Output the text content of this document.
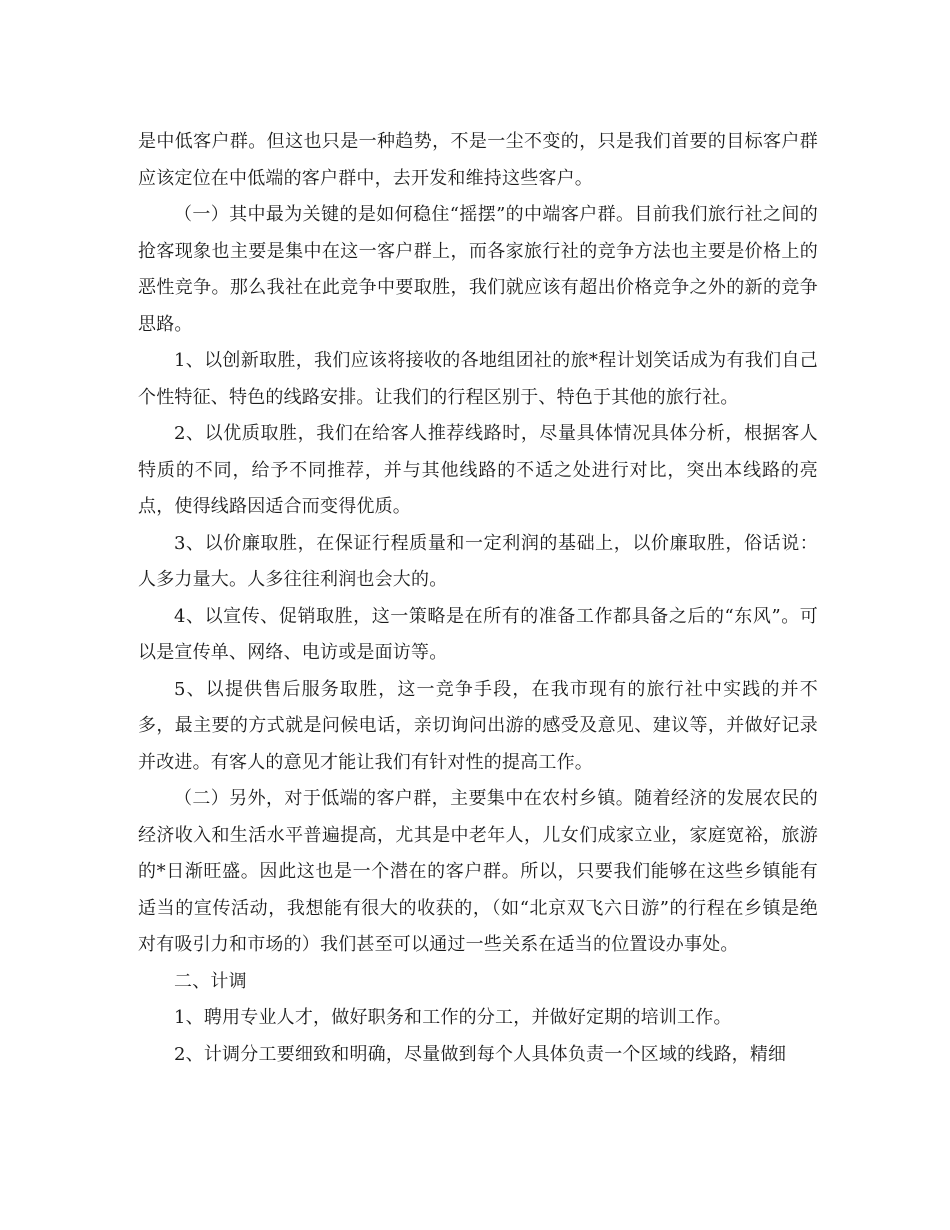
是中低客户群。但这也只是一种趋势，不是一尘不变的，只是我们首要的目标客户群应该定位在中低端的客户群中，去开发和维持这些客户。

（一）其中最为关键的是如何稳住“摇摆”的中端客户群。目前我们旅行社之间的抢客现象也主要是集中在这一客户群上，而各家旅行社的竞争方法也主要是价格上的恶性竞争。那么我社在此竞争中要取胜，我们就应该有超出价格竞争之外的新的竞争思路。

1、以创新取胜，我们应该将接收的各地组团社的旅*程计划笑话成为有我们自己个性特征、特色的线路安排。让我们的行程区别于、特色于其他的旅行社。

2、以优质取胜，我们在给客人推荐线路时，尽量具体情况具体分析，根据客人特质的不同，给予不同推荐，并与其他线路的不适之处进行对比，突出本线路的亮点，使得线路因适合而变得优质。

3、以价廉取胜，在保证行程质量和一定利润的基础上，以价廉取胜，俗话说：人多力量大。人多往往利润也会大的。

4、以宣传、促销取胜，这一策略是在所有的准备工作都具备之后的“东风”。可以是宣传单、网络、电访或是面访等。

5、以提供售后服务取胜，这一竞争手段，在我市现有的旅行社中实践的并不多，最主要的方式就是问候电话，亲切询问出游的感受及意见、建议等，并做好记录并改进。有客人的意见才能让我们有针对性的提高工作。

（二）另外，对于低端的客户群，主要集中在农村乡镇。随着经济的发展农民的经济收入和生活水平普遍提高，尤其是中老年人，儿女们成家立业，家庭宽裕，旅游的*日渐旺盛。因此这也是一个潜在的客户群。所以，只要我们能够在这些乡镇能有适当的宣传活动，我想能有很大的收获的，（如“北京双飞六日游”的行程在乡镇是绝对有吸引力和市场的）我们甚至可以通过一些关系在适当的位置设办事处。

二、计调

1、聘用专业人才，做好职务和工作的分工，并做好定期的培训工作。

2、计调分工要细致和明确，尽量做到每个人具体负责一个区域的线路，精细
